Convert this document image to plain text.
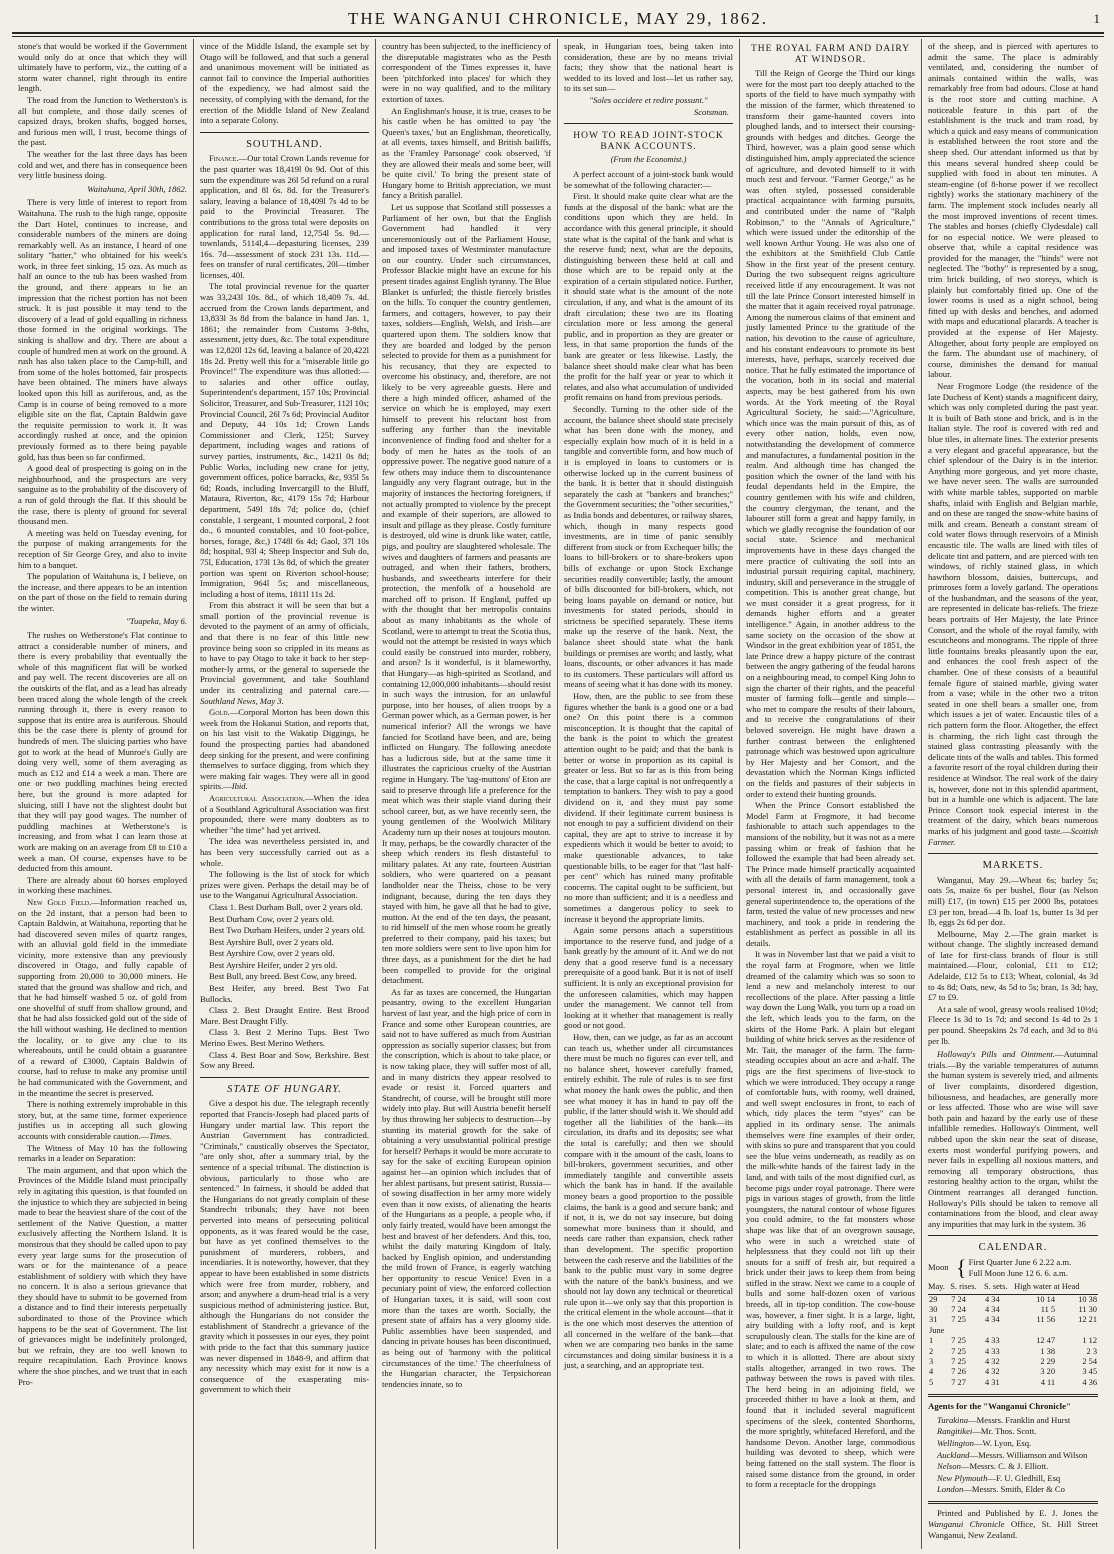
THE WANGANUI CHRONICLE, MAY 29, 1862.	1

stone's that would be worked if the Government would only do at once that which they will ultimately have to perform, viz., the cutting of a storm water channel, right through its entire length.

The road from the Junction to Wetherston's is all but complete, and those daily scenes of capsized drays, broken shafts, bogged horses, and furious men will, I trust, become things of the past.

The weather for the last three days has been cold and wet, and there has in consequence been very little business doing.

Waitahuna, April 30th, 1862.

There is very little of interest to report from Waitahuna. The rush to the high range, opposite the Dart Hotel, continues to increase, and considerable numbers of the miners are doing remarkably well. As an instance, I heard of one solitary "hatter," who obtained for his week's work, in three feet sinking, 15 ozs. As much as half an ounce to the tub has been washed from the ground, and there appears to be an impression that the richest portion has not been struck. It is just possible it may tend to the discovery of a lead of gold equalling in richness those formed in the original workings. The sinking is shallow and dry. There are about a couple of hundred men at work on the ground. A rush has also taken place to the Camp-hill, and from some of the holes bottomed, fair prospects have been obtained. The miners have always looked upon this hill as auriferous, and, as the Camp is in course of being removed to a more eligible site on the flat, Captain Baldwin gave the requisite permission to work it. It was accordingly rushed at once, and the opinion previously formed as to there being payable gold, has thus been so far confirmed.

A good deal of prospecting is going on in the neighbourhood, and the prospectors are very sanguine as to the probability of the discovery of a run of gold through the flat. If this should be the case, there is plenty of ground for several thousand men.

A meeting was held on Tuesday evening, for the purpose of making arrangements for the reception of Sir George Grey, and also to invite him to a banquet.

The population of Waitahuna is, I believe, on the increase, and there appears to be an intention on the part of those on the field to remain during the winter.

"Tuapeka, May 6.

The rushes on Wetherstone's Flat continue to attract a considerable number of miners, and there is every probability that eventually the whole of this magnificent flat will be worked and pay well. The recent discoveries are all on the outskirts of the flat, and as a lead has already been traced along the whole length of the creek running through it, there is every reason to suppose that its entire area is auriferous. Should this be the case there is plenty of ground for hundreds of men. The sluicing parties who have got to work at the head of Munroe's Gully are doing very well, some of them averaging as much as £12 and £14 a week a man. There are one or two puddling machines being erected here, but the ground is more adapted for sluicing, still I have not the slightest doubt but that they will pay good wages. The number of puddling machines at Wetherstone's is increasing, and from what I can learn those at work are making on an average from £8 to £10 a week a man. Of course, expenses have to be deducted from this amount.

There are already about 60 horses employed in working these machines.

New Gold Field.—Information reached us, on the 2d instant, that a person had been to Captain Baldwin, at Waitahuna, reporting that he had discovered seven miles of quartz ranges, with an alluvial gold field in the immediate vicinity, more extensive than any previously discovered in Otago, and fully capable of supporting from 20,000 to 30,000 miners. He stated that the ground was shallow and rich, and that he had himself washed 5 oz. of gold from one shovelful of stuff from shallow ground, and that he had also fossicked gold out of the side of the hill without washing. He declined to mention the locality, or to give any clue to its whereabouts, until he could obtain a guarantee of a reward of £3000, Captain Baldwin of course, had to refuse to make any promise until he had communicated with the Government, and in the meantime the secret is preserved.

There is nothing extremely improbable in this story, but, at the same time, former experience justifies us in accepting all such glowing accounts with considerable caution.—Times.

The Witness of May 10 has the following remarks in a leader on Separation:

The main argument, and that upon which the Provinces of the Middle Island must principally rely in agitating this question, is that founded on the injustice to which they are subjected in being made to bear the heaviest share of the cost of the settlement of the Native Question, a matter exclusively affecting the Northern Island. It is monstrous that they should be called upon to pay every year large sums for the prosecution of wars or for the maintenance of a peace establishment of soldiery with which they have no concern. It is also a serious grievance that they should have to submit to be governed from a distance and to find their interests perpetually subordinated to those of the Province which happens to be the seat of Government. The list of grievances might be indefinitely prolonged, but we refrain, they are too well known to require recapitulation. Each Province knows where the shoe pinches, and we trust that in each Pro-

vince of the Middle Island, the example set by Otago will be followed, and that such a general and unanimous movement will be initiated as cannot fail to convince the Imperial authorities of the expediency, we had almost said the necessity, of complying with the demand, for the erection of the Middle Island of New Zealand into a separate Colony.

SOUTHLAND.

Finance.—Our total Crown Lands revenue for the past quarter was 18,419l 0s 9d. Out of this sum the expenditure was 26l 5d refund on a rural application, and 8l 6s. 8d. for the Treasurer's salary, leaving a balance of 18,409l 7s 4d to be paid to the Provincial Treasurer. The contributions to the gross total were deposits on application for rural land, 12,754l 5s. 9d.—townlands, 5114l,4—depasturing licenses, 239 16s. 7d—assessment of stock 231 13s. 11d.—fees on transfer of rural certificates, 20l—timber licenses, 40l.

The total provincial revenue for the quarter was 33,243l 10s. 8d., of which 18,409 7s. 4d. accrued from the Crown lands department, and 13,833l 3s 8d from the balance in hand Jan. 1, 1861; the remainder from Customs 3-8ths, assessment, jetty dues, &c. The total expenditure was 12,820l 12s 6d, leaving a balance of 20,422l 18s 2d. Pretty well this for a "miserable little go Province!" The expenditure was thus allotted:—to salaries and other office outlay, Superintendent's department, 157 10s; Provincial Solicitor, Treasurer, and Sub-Treasurer, 112l 10s; Provincial Council, 26l 7s 6d; Provincial Auditor and Deputy, 44 10s 1d; Crown Lands Commissioner and Clerk, 125l; Survey department, including wages and rations of survey parties, instruments, &c., 1421l 0s 8d; Public Works, including new crane for jetty, government offices, police barracks, &c, 935l 5s 6d; Roads, including Invercargill to the Bluff, Mataura, Riverton, &c, 4179 15s 7d; Harbour department, 549l 18s 7d; police do, (chief constable, 1 sergeant, 1 mounted corporal, 2 foot do., 6 mounted constables, and 10 foot-police, horses, forage, &c,) 1748l 6s 4d; Gaol, 37l 10s 8d; hospital, 93l 4; Sheep Inspector and Sub do, 75l, Education, 173l 13s 8d, of which the greater portion was spent on Riverton school-house; Immigration, 964l 5s; and miscellaneous, including a host of items, 1811l 11s 2d.

From this abstract it will be seen that but a small portion of the provincial revenue is devoted to the payment of an army of officials, and that there is no fear of this little new province being soon so crippled in its means as to have to pay Otago to take it back to her step-mother-ly arms, or the general to supersede the Provincial government, and take Southland under its centralizing and paternal care.—Southland News, May 3.

Gold.—Corporal Morton has been down this week from the Hokanui Station, and reports that, on his last visit to the Wakatip Diggings, he found the prospecting parties had abandoned deep sinking for the present, and were confining themselves to surface digging, from which they were making fair wages. They were all in good spirits.—Ibid.

Agricultural Association.—When the idea of a Southland Agricultural Association was first propounded, there were many doubters as to whether "the time" had yet arrived.

The idea was nevertheless persisted in, and has been very successfully carried out as a whole.

The following is the list of stock for which prizes were given. Perhaps the detail may be of use to the Wanganui Agricultural Association.

Class 1. Best Durham Bull, over 2 years old.

Best Durham Cow, over 2 years old.

Best Two Durham Heifers, under 2 years old.

Best Ayrshire Bull, over 2 years old.

Best Ayrshire Cow, over 2 years old.

Best Ayrshire Heifer, under 2 yrs old.

Best Bull, any breed. Best Cow, any breed.

Best Heifer, any breed. Best Two Fat Bullocks.

Class 2. Best Draught Entire. Best Brood Mare. Best Draught Filly.

Class 3. Best 2 Merino Tups. Best Two Merino Ewes. Best Merino Wethers.

Class 4. Best Boar and Sow, Berkshire. Best Sow any Breed.

STATE OF HUNGARY.

Give a despot his due. The telegraph recently reported that Francis-Joseph had placed parts of Hungary under martial law. This report the Austrian Government has contradicted. "Criminals," caustically observes the Spectator, "are only shot, after a summary trial, by the sentence of a special tribunal. The distinction is obvious, particularly to those who are sentenced." In fairness, it should be added that the Hungarians do not greatly complain of these Standrecht tribunals; they have not been perverted into means of persecuting political opponents, as it was feared would be the case, but have as yet confined themselves to the punishment of murderers, robbers, and incendiaries. It is noteworthy, however, that they appear to have been established in some districts which were free from murder, robbery, and arson; and anywhere a drum-head trial is a very suspicious method of administering justice. But, although the Hungarians do not consider the establishment of Standrecht a grievance of the gravity which it possesses in our eyes, they point with pride to the fact that this summary justice was never dispensed in 1848-9, and affirm that any necessity which may exist for it now is a consequence of the exasperating mis-government to which their

country has been subjected, to the inefficiency of the disreputable magistrates who as the Pesth correspondent of the Times expresses it, have been 'pitchforked into places' for which they were in no way qualified, and to the military extortion of taxes.

An Englishman's house, it is true, ceases to be his castle when he has omitted to pay 'the Queen's taxes,' but an Englishman, theoretically, at all events, taxes himself, and British bailiffs, as the 'Framley Parsonage' cook observed, 'if they are allowed their meals and some beer, will be quite civil.' To bring the present state of Hungary home to British appreciation, we must fancy a British parallel.

Let us suppose that Scotland still possesses a Parliament of her own, but that the English Government had handled it very unceremoniously out of the Parliament House, and imposed taxes of Westminster manufacture on our country. Under such circumstances, Professor Blackie might have an excuse for his present tirades against English tyranny. The Blue Blanket is unfurled; the thistle fiercely bristles on the hills. To conquer the country gentlemen, farmers, and cottagers, however, to pay their taxes, soldiers—English, Welsh, and Irish—are quartered upon them. The soldiers know that they are boarded and lodged by the person selected to provide for them as a punishment for his recusancy, that they are expected to overcome his obstinacy, and, therefore, are not likely to be very agreeable guests. Here and there a high minded officer, ashamed of the service on which he is employed, may exert himself to prevent his reluctant host from suffering any further than the inevitable inconvenience of finding food and shelter for a body of men he hates as the tools of an oppressive power. The negative good nature of a few others may induce them to discountenance languidly any very flagrant outrage, but in the majority of instances the hectoring foreigners, if not actually prompted to violence by the precept and example of their superiors, are allowed to insult and pillage as they please. Costly furniture is destroyed, old wine is drunk like water, cattle, pigs, and poultry are slaughtered wholesale. The wives and daughters of farmers and peasants are outraged, and when their fathers, brothers, husbands, and sweethearts interfere for their protection, the menfolk of a household are marched off to prison. If England, puffed up with the thought that her metropolis contains about as many inhabitants as the whole of Scotland, were to attempt to treat the Scotia thus, would not the attempt be resisted in ways which could easily be construed into murder, robbery, and arson? Is it wonderful, is it blameworthy, that Hungary—as high-spirited as Scotland, and containing 12,000,000 inhabitants—should resist in such ways the intrusion, for an unlawful purpose, into her houses, of alien troops by a German power which, as a German power, is her numerical inferior? All the wrongs we have fancied for Scotland have been, and are, being inflicted on Hungary. The following anecdote has a ludicrous side, but at the same time it illustrates the capricious cruelty of the Austrian regime in Hungary. The 'tag-muttons' of Eton are said to preserve through life a preference for the meat which was their staple viand during their school career, but, as we have recently seen, the young gentlemen of the Woolwich Military Academy turn up their noses at toujours mouton. It may, perhaps, be the cowardly character of the sheep which renders its flesh distasteful to military palates. At any rate, fourteen Austrian soldiers, who were quartered on a peasant landholder near the Theiss, chose to be very indignant, because, during the ten days they stayed with him, he gave all that he had to give, mutton. At the end of the ten days, the peasant, to rid himself of the men whose room he greatly preferred to their company, paid his taxes; but ten more soldiers were sent to live upon him for three days, as a punishment for the diet he had been compelled to provide for the original detachment.

As far as taxes are concerned, the Hungarian peasantry, owing to the excellent Hungarian harvest of last year, and the high price of corn in France and some other European countries, are said not to have suffered as much from Austrian oppression as socially superior classes; but from the conscription, which is about to take place, or is now taking place, they will suffer most of all, and in many districts they appear resolved to evade or resist it. Forced quarters and Standrecht, of course, will be brought still more widely into play. But will Austria benefit herself by thus throwing her subjects to destruction—by stunting its material growth for the sake of obtaining a very unsubstantial political prestige for herself? Perhaps it would be more accurate to say for the sake of exciting European opinion against her—an opinion which includes that of her ablest partisans, but present satirist, Russia—of sowing disaffection in her army more widely even than it now exists, of alienating the hearts of the Hungarians as a people, a people who, if only fairly treated, would have been amongst the best and bravest of her defenders. And this, too, whilst the daily maturing Kingdom of Italy, backed by English opinion, and understanding the mild frown of France, is eagerly watching her opportunity to rescue Venice! Even in a pecuniary point of view, the enforced collection of Hungarian taxes, it is said, will soon cost more than the taxes are worth. Socially, the present state of affairs has a very gloomy side. Public assemblies have been suspended, and dancing in private houses has been discontinued, as being out of 'harmony with the political circumstances of the time.' The cheerfulness of the Hungarian character, the Terpsichorean tendencies innate, so to

speak, in Hungarian toes, being taken into consideration, these are by no means trivial facts; they show that the national heart is wedded to its loved and lost—let us rather say, to its set sun—

"Soles occidere et redire possunt."

Scotsman.
HOW TO READ JOINT-STOCK BANK ACCOUNTS.
(From the Economist.)

A perfect account of a joint-stock bank would be somewhat of the following character:—

First. It should make quite clear what are the funds at the disposal of the bank: what are the conditions upon which they are held. In accordance with this general principle, it should state what is the capital of the bank and what is the reserve fund; next, what are the deposits, distinguishing between these held at call and those which are to be repaid only at the expiration of a certain stipulated notice. Further, it should state what is the amount of the note circulation, if any, and what is the amount of its draft circulation; these two are its floating circulation more or less among the general public, and in proportion as they are greater or less, in that same proportion the funds of the bank are greater or less likewise. Lastly, the balance sheet should make clear what has been the profit for the half year or year to which it relates, and also what accumulation of undivided profit remains on hand from previous periods.

Secondly. Turning to the other side of the account, the balance sheet should state precisely what has been done with the money, and especially explain how much of it is held in a tangible and convertible form, and how much of it is employed in loans to customers or is otherwise locked up in the current business of the bank. It is better that it should distinguish separately the cash at "bankers and branches;" the Government securities; the "other securities," as India bonds and debentures, or railway shares, which, though in many respects good investments, are in time of panic sensibly different from stock or from Exchequer bills; the loans to bill-brokers or to share-brokers upon bills of exchange or upon Stock Exchange securities readily convertible; lastly, the amount of bills discounted for bill-brokers, which, not being loans payable on demand or notice, but investments for stated periods, should in strictness be specified separately. These items make up the reserve of the bank. Next, the balance sheet should state what the bank buildings or premises are worth; and lastly, what loans, discounts, or other advances it has made to its customers. These particulars will afford us means of seeing what it has done with its money.

How, then, are the public to see from these figures whether the bank is a good one or a bad one? On this point there is a common misconception. It is thought that the capital of the bank is the point to which the greatest attention ought to be paid; and that the bank is better or worse in proportion as its capital is greater or less. But so far as is this from being the case, that a large capital is not unfrequently a temptation to bankers. They wish to pay a good dividend on it, and they must pay some dividend. If their legitimate current business is not enough to pay a sufficient dividend on their capital, they are apt to strive to increase it by expedients which it would be better to avoid; to make questionable advances, to take questionable bills, to be eager for that "last half-per cent" which has ruined many profitable concerns. The capital ought to be sufficient, but no more than sufficient; and it is a needless and sometimes a dangerous policy to seek to increase it beyond the appropriate limits.

Again some persons attach a superstitious importance to the reserve fund, and judge of a bank greatly by the amount of it. And we do not deny that a good reserve fund is a necessary prerequisite of a good bank. But it is not of itself sufficient. It is only an exceptional provision for the unforeseen calamities, which may happen under the management. We cannot tell from looking at it whether that management is really good or not good.

How, then, can we judge, as far as an account can teach us, whether under all circumstances there must be much no figures can ever tell, and no balance sheet, however carefully framed, entirely exhibit. The rule of rules is to see first what money the bank owes the public, and then see what money it has in hand to pay off the public, if the latter should wish it. We should add together all the liabilities of the bank—its circulation, its drafts and its deposits; see what the total is carefully; and then we should compare with it the amount of the cash, loans to bill-brokers, government securities, and other immediately tangible and convertible assets which the bank has in hand. If the available money bears a good proportion to the possible claims, the bank is a good and secure bank; and if not, it is, we do not say insecure, but doing somewhat more business than it should, and needs care rather than expansion, check rather than development. The specific proportion between the cash reserve and the liabilities of the bank to the public must vary in some degree with the nature of the bank's business, and we should not lay down any technical or theoretical rule upon it—we only say that this proportion is the critical element in the whole account—that it is the one which most deserves the attention of all concerned in the welfare of the bank—that when we are comparing two banks in the same circumstances and doing similar business it is a just, a searching, and an appropriate test.

THE ROYAL FARM AND DAIRY AT WINDSOR.

Till the Reign of George the Third our kings were for the most part too deeply attached to the sports of the field to have much sympathy with the mission of the farmer, which threatened to transform their game-haunted covers into ploughed lands, and to intersect their coursing-grounds with hedges and ditches. George the Third, however, was a plain good sense which distinguished him, amply appreciated the science of agriculture, and devoted himself to it with much zest and fervour. "Farmer George," as he was often styled, possessed considerable practical acquaintance with farming pursuits, and contributed under the name of "Ralph Robinson," to the "Annals of Agriculture," which were issued under the editorship of the well known Arthur Young. He was also one of the exhibitors at the Smithfield Club Cattle Show in the first year of the present century. During the two subsequent reigns agriculture received little if any encouragement. It was not till the late Prince Consort interested himself in the matter that it again received royal patronage. Among the numerous claims of that eminent and justly lamented Prince to the gratitude of the nation, his devotion to the cause of agriculture, and his constant endeavours to promote its best interests, have, perhaps, scarcely received due notice. That he fully estimated the importance of the vocation, both in its social and material aspects, may be best gathered from his own words. At the York meeting of the Royal Agricultural Society, he said:—"Agriculture, which once was the main pursuit of this, as of every other nation, holds, even now, notwithstanding the development of commerce and manufactures, a fundamental position in the realm. And although time has changed the position which the owner of the land with his feudal dependants held in the Empire, the country gentlemen with his wife and children, the country clergyman, the tenant, and the labourer still form a great and happy family, in which we gladly recognise the foundation of our social state. Science and mechanical improvements have in these days changed the mere practice of cultivating the soil into an industrial pursuit requiring capital, machinery, industry, skill and perseverance in the struggle of competition. This is another great change, but we must consider it a great progress, for it demands higher efforts and a greater intelligence." Again, in another address to the same society on the occasion of the show at Windsor in the great exhibition year of 1851, the late Prince drew a happy picture of the contrast between the angry gathering of the feudal barons on a neighbouring mead, to compel King John to sign the charter of their rights, and the peaceful muster of farming folk—gentle and simple—who met to compare the results of their labours, and to receive the congratulations of their beloved sovereign. He might have drawn a further contrast between the enlightened patronage which was bestowed upon agriculture by Her Majesty and her Consort, and the devastation which the Norman Kings inflicted on the fields and pastures of their subjects in order to extend their hunting grounds.

When the Prince Consort established the Model Farm at Frogmore, it had become fashionable to attach such appendages to the mansions of the nobility, but it was not as a mere passing whim or freak of fashion that he followed the example that had been already set. The Prince made himself practically acquainted with all the details of farm management, took a personal interest in, and occasionally gave general superintendence to, the operations of the farm, tested the value of new processes and new machinery, and took a pride in rendering the establishment as perfect as possible in all its details.

It was in November last that we paid a visit to the royal farm at Frogmore, when we little dreamed of the calamity which was so soon to lend a new and melancholy interest to our recollections of the place. After passing a little way down the Long Walk, you turn up a road on the left, which leads you to the farm, on the skirts of the Home Park. A plain but elegant building of white brick serves as the residence of Mr. Tait, the manager of the farm. The farm-steading occupies about an acre and a-half. The pigs are the first specimens of live-stock to which we were introduced. They occupy a range of comfortable huts, with roomy, well drained, and well swept enclosures in front, to each of which, tidy places the term "styes" can be applied in its ordinary sense. The animals themselves were fine examples of their order, with skins so pure and transparent that you could see the blue veins underneath, as readily as on the milk-white hands of the fairest lady in the land, and with tails of the most dignified curl, as become pigs under royal patronage. There were pigs in various stages of growth, from the little youngsters, the natural contour of whose figures you could admire, to the fat monsters whose shape was like that of an overgrown sausage, who were in such a wretched state of helplessness that they could not lift up their snouts for a sniff of fresh air, but required a brick under their jaws to keep them from being stifled in the straw. Next we came to a couple of bulls and some half-dozen oxen of various breeds, all in tip-top condition. The cow-house was, however, a finer sight. It is a large, light, airy building with a lofty roof, and is kept scrupulously clean. The stalls for the kine are of slate; and to each is affixed the name of the cow to which it is allotted. There are about sixty stalls altogether, arranged in two rows. The pathway between the rows is paved with tiles. The herd being in an adjoining field, we proceeded thither to have a look at them, and found that it included several magnificent specimens of the sleek, contented Shorthorns, the more sprightly, whitefaced Hereford, and the handsome Devon. Another large, commodious building was devoted to sheep, which were being fattened on the stall system. The floor is raised some distance from the ground, in order to form a receptacle for the droppings

of the sheep, and is pierced with apertures to admit the same. The place is admirably ventilated, and, considering the number of animals contained within the walls, was remarkably free from bad odours. Close at hand is the root store and cutting machine. A noticeable feature in this part of the establishment is the truck and tram road, by which a quick and easy means of communication is established between the root store and the sheep shed. Our attendant informed us that by this means several hundred sheep could be supplied with food in about ten minutes. A steam-engine (of 8-horse power if we recollect rightly) works the stationary machinery of the farm. The implement stock includes nearly all the most improved inventions of recent times. The stables and horses (chiefly Clydesdale) call for no especial notice. We were pleased to observe that, while a capital residence was provided for the manager, the "hinds" were not neglected. The "bothy" is represented by a snug, trim brick building, of two storeys, which is plainly but comfortably fitted up. One of the lower rooms is used as a night school, being fitted up with desks and benches, and adorned with maps and educational placards. A teacher is provided at the expense of Her Majesty. Altogether, about forty people are employed on the farm. The abundant use of machinery, of course, diminishes the demand for manual labour.

Near Frogmore Lodge (the residence of the late Duchess of Kent) stands a magnificent dairy, which was only completed during the past year. It is built of Bath stone and brick, and is in the Italian style. The roof is covered with red and blue tiles, in alternate lines. The exterior presents a very elegant and graceful appearance, but the chief splendour of the Dairy is in the interior. Anything more gorgeous, and yet more chaste, we have never seen. The walls are surrounded with white marble tables, supported on marble shafts, inlaid with English and Belgian marble, and on these are ranged the snow-white basins of milk and cream. Beneath a constant stream of cold water flows through reservoirs of a Minish encaustic tile. The walls are lined with tiles of delicate tint and pattern, and are pierced with ten windows, of richly stained glass, in which hawthorn blossom, daisies, buttercups, and primroses form a lovely garland. The operations of the husbandman, and the seasons of the year, are represented in delicate bas-reliefs. The frieze bears portraits of Her Majesty, the late Prince Consort, and the whole of the royal family, with escutcheons and monograms. The ripple of three little fountains breaks pleasantly upon the ear, and enhances the cool fresh aspect of the chamber. One of these consists of a beautiful female figure of stained marble, giving water from a vase; while in the other two a triton seated in one shell bears a smaller one, from which issues a jet of water. Encaustic tiles of a rich pattern form the floor. Altogether, the effect is charming, the rich light cast through the stained glass contrasting pleasantly with the delicate tints of the walls and tables. This formed a favorite resort of the royal children during their residence at Windsor. The real work of the dairy is, however, done not in this splendid apartment, but in a humble one which is adjacent. The late Prince Consort took especial interest in the treatment of the dairy, which bears numerous marks of his judgment and good taste.—Scottish Farmer.

MARKETS.

Wanganui, May 29.—Wheat 6s; barley 5s; oats 5s, maize 6s per bushel, flour (as Nelson mill) £17, (in town) £15 per 2000 lbs, potatoes £3 per ton, bread—4 lb. loaf 1s, butter 1s 3d per lb, eggs 2s 6d per doz.

Melbourne, May 2.—The grain market is without change. The slightly increased demand of late for first-class brands of flour is still maintained.—Flour, colonial, £11 to £12; Adelaide, £12 5s to £13; Wheat, colonial, 4s 3d to 4s 8d; Oats, new, 4s 5d to 5s; bran, 1s 3d; hay, £7 to £9.

At a sale of wool, greasy wools realised 10½d; Fleece 1s 3d to 1s 7d; and second 1s 4d to 2s 1 per pound. Sheepskins 2s 7d each, and 3d to 8¼ per lb.

Holloway's Pills and Ointment.—Autumnal trials.—By the variable temperatures of autumn the human system is severely tried, and ailments of liver complaints, disordered digestion, biliousness, and headaches, are generally more or less affected. Those who are wise will save both pain and hazard by the early use of these infallible remedies. Holloway's Ointment, well rubbed upon the skin near the seat of disease, exerts most wonderful purifying powers, and never fails in expelling all noxious matters, and removing all temporary obstructions, thus restoring healthy action to the organ, whilst the Ointment rearranges all deranged function. Holloway's Pills should be taken to remove all contaminations from the blood, and clear away any impurities that may lurk in the system. 36

CALENDAR.
Moon { First Quarter June 6 2.22 a.m.
Full Moon June 12 6. 6. a.m.
May.	S. rises.	S. sets.	High water at Head	
29	7 24	4 34	10 14	10 38
30	7 24	4 34	11 5	11 30
31	7 25	4 34	11 56	12 21
June				
1	7 25	4 33	12 47	1 12
2	7 25	4 33	1 38	2 3
3	7 25	4 32	2 29	2 54
4	7 26	4 32	3 20	3 45
5	7 27	4 31	4 11	4 36
Agents for the "Wanganui Chronicle"

Turakina—Messrs. Franklin and Hurst

Rangitikei—Mr. Thos. Scott.

Wellington—W. Lyon, Esq.

Auckland—Messrs. Williamson and Wilson

Nelson—Messrs. C. & J. Elliott.

New Plymouth—F. U. Gledhill, Esq

London—Messrs. Smith, Elder & Co

Printed and Published by E. J. Jones the Wanganui Chronicle Office, St. Hill Street Wanganui, New Zealand.
